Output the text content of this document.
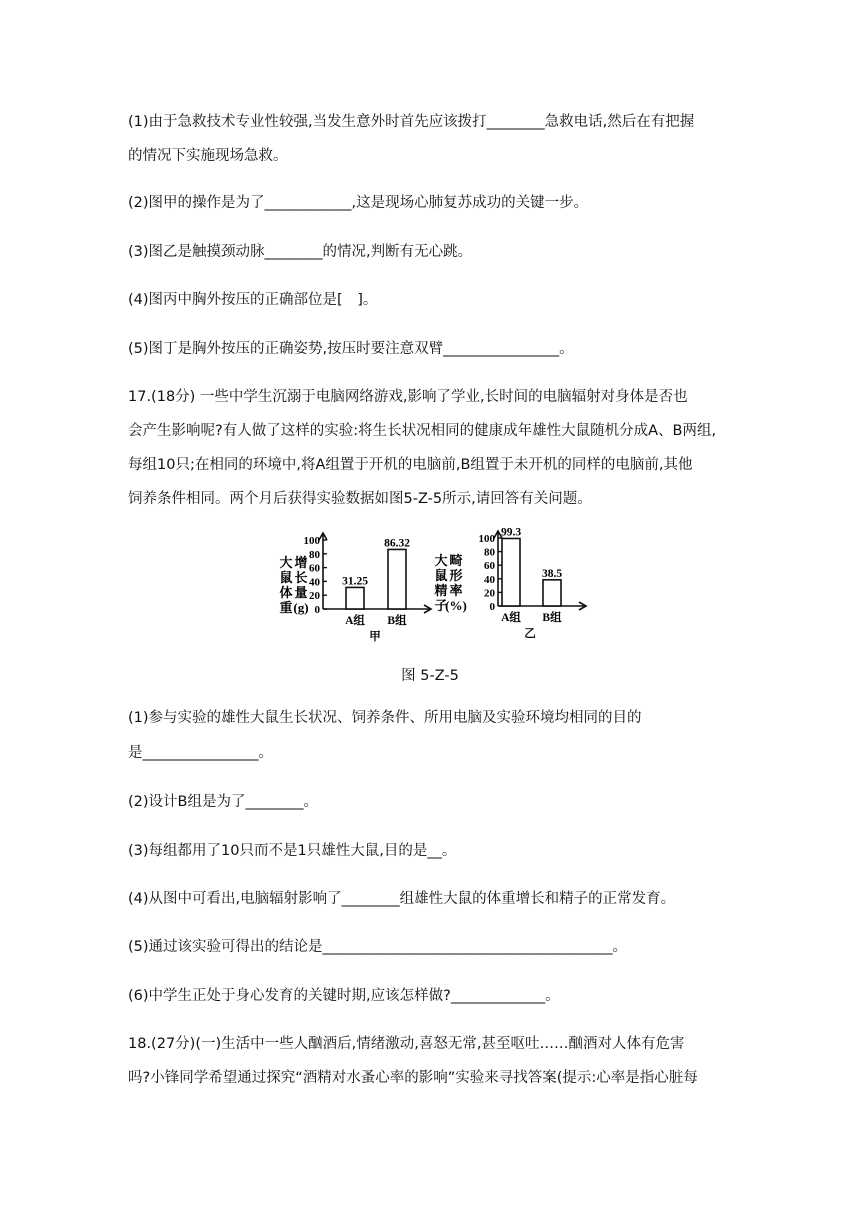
(1)由于急救技术专业性较强,当发生意外时首先应该拨打________急救电话,然后在有把握
的情况下实施现场急救。
(2)图甲的操作是为了____________,这是现场心肺复苏成功的关键一步。
(3)图乙是触摸颈动脉________的情况,判断有无心跳。
(4)图丙中胸外按压的正确部位是[　]。
(5)图丁是胸外按压的正确姿势,按压时要注意双臂________________。
17.(18分) 一些中学生沉溺于电脑网络游戏,影响了学业,长时间的电脑辐射对身体是否也
会产生影响呢?有人做了这样的实验:将生长状况相同的健康成年雄性大鼠随机分成A、B两组,
每组10只;在相同的环境中,将A组置于开机的电脑前,B组置于未开机的同样的电脑前,其他
饲养条件相同。两个月后获得实验数据如图5-Z-5所示,请回答有关问题。
0
20
40
60
80
100
大
鼠
体
重
增
长
量
(g)
31.25
A组
86.32
B组
甲
0
20
40
60
80
100
大
鼠
精
子
畸
形
率
(%)
99.3
A组
38.5
B组
乙
图 5-Z-5
(1)参与实验的雄性大鼠生长状况、饲养条件、所用电脑及实验环境均相同的目的
是________________。
(2)设计B组是为了________。
(3)每组都用了10只而不是1只雄性大鼠,目的是__。
(4)从图中可看出,电脑辐射影响了________组雄性大鼠的体重增长和精子的正常发育。
(5)通过该实验可得出的结论是________________________________________。
(6)中学生正处于身心发育的关键时期,应该怎样做?_____________。
18.(27分)(一)生活中一些人酗酒后,情绪激动,喜怒无常,甚至呕吐……酗酒对人体有危害
吗?小锋同学希望通过探究“酒精对水蚤心率的影响”实验来寻找答案(提示:心率是指心脏每
